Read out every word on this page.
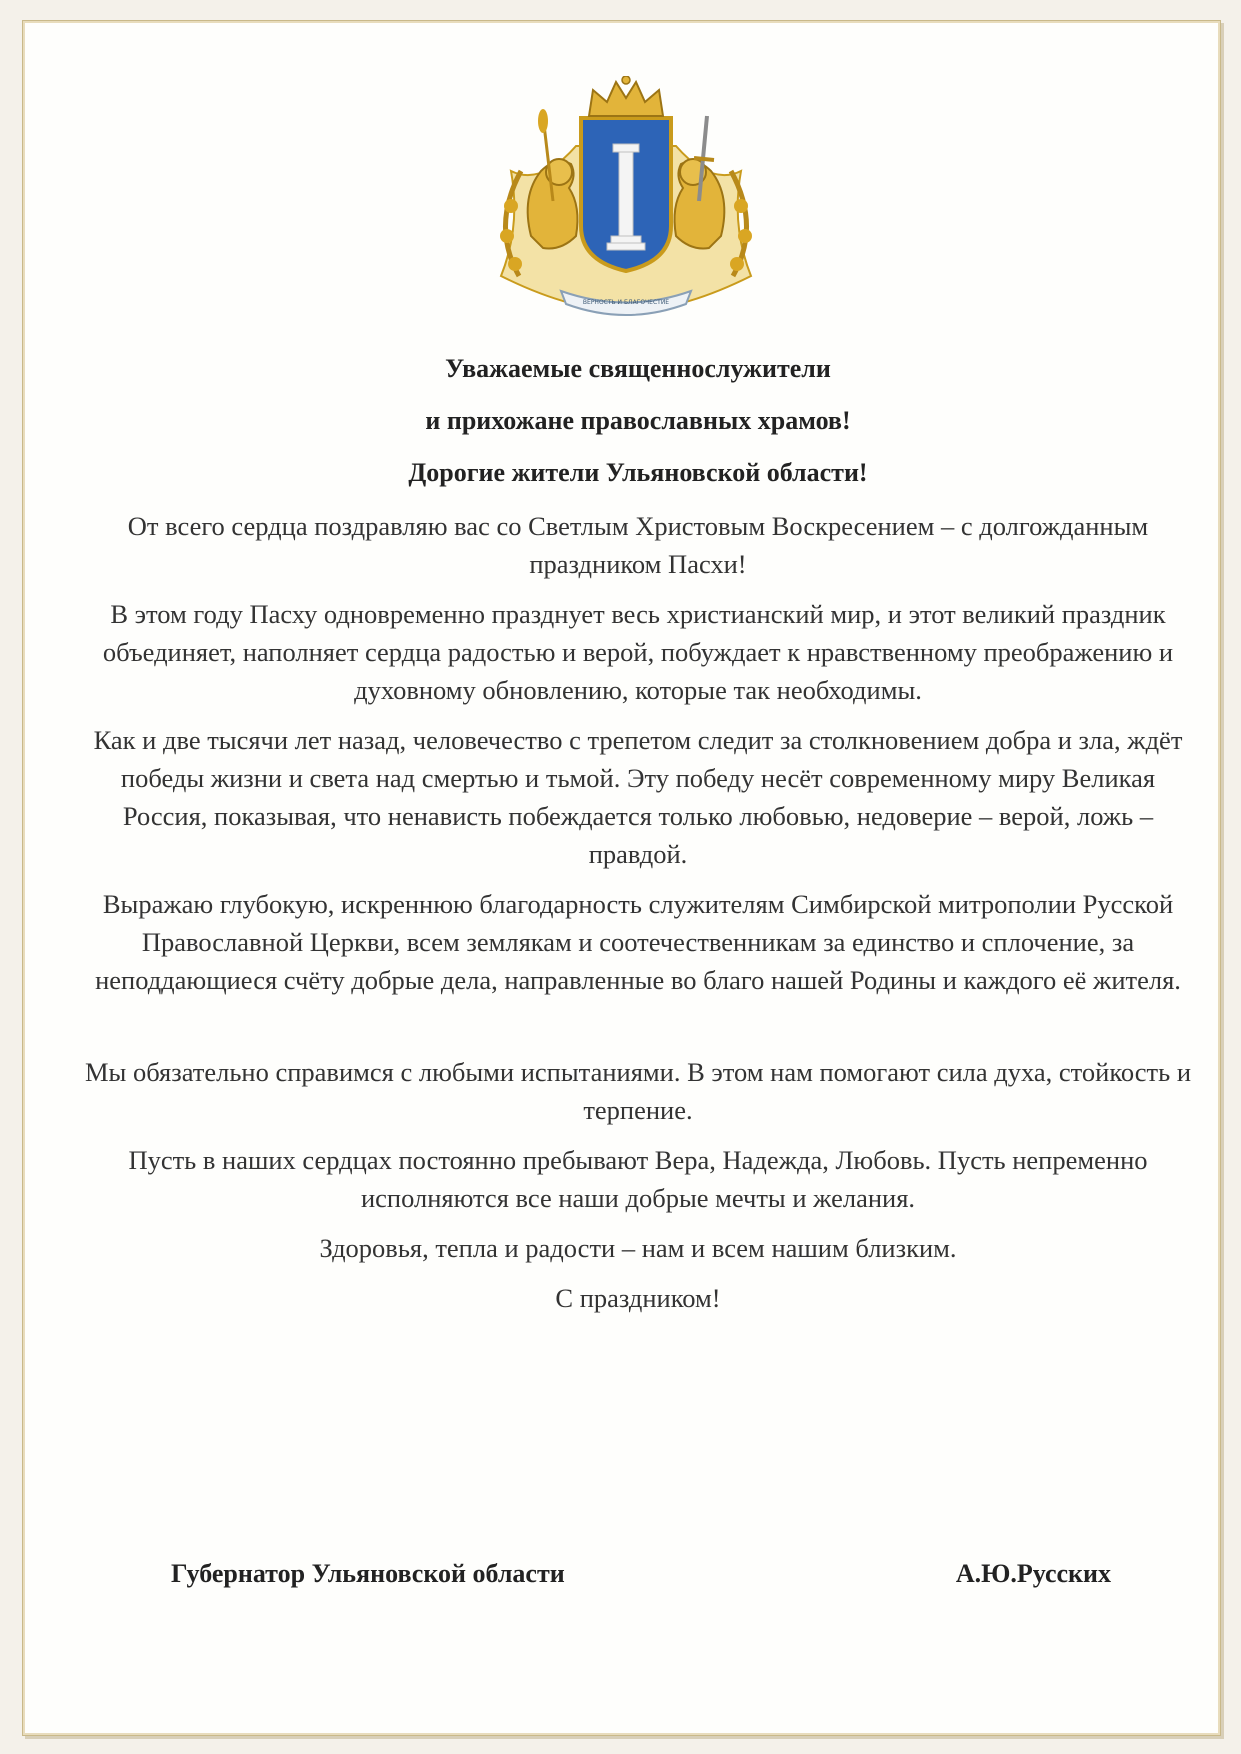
ВЕРНОСТЬ И БЛАГОЧЕСТИЕ

Уважаемые священнослужители

и прихожане православных храмов!

Дорогие жители Ульяновской области!

От всего сердца поздравляю вас со Светлым Христовым Воскресением – с долгожданным праздником Пасхи!

В этом году Пасху одновременно празднует весь христианский мир, и этот великий праздник объединяет, наполняет сердца радостью и верой, побуждает к нравственному преображению и духовному обновлению, которые так необходимы.

Как и две тысячи лет назад, человечество с трепетом следит за столкновением добра и зла, ждёт победы жизни и света над смертью и тьмой. Эту победу несёт современному миру Великая Россия, показывая, что ненависть побеждается только любовью, недоверие – верой, ложь – правдой.

Выражаю глубокую, искреннюю благодарность служителям Симбирской митрополии Русской Православной Церкви, всем землякам и соотечественникам за единство и сплочение, за неподдающиеся счёту добрые дела, направленные во благо нашей Родины и каждого её жителя.

Мы обязательно справимся с любыми испытаниями. В этом нам помогают сила духа, стойкость и терпение.

Пусть в наших сердцах постоянно пребывают Вера, Надежда, Любовь. Пусть непременно исполняются все наши добрые мечты и желания.

Здоровья, тепла и радости – нам и всем нашим близким.

С праздником!

Губернатор Ульяновской области	А.Ю.Русских
